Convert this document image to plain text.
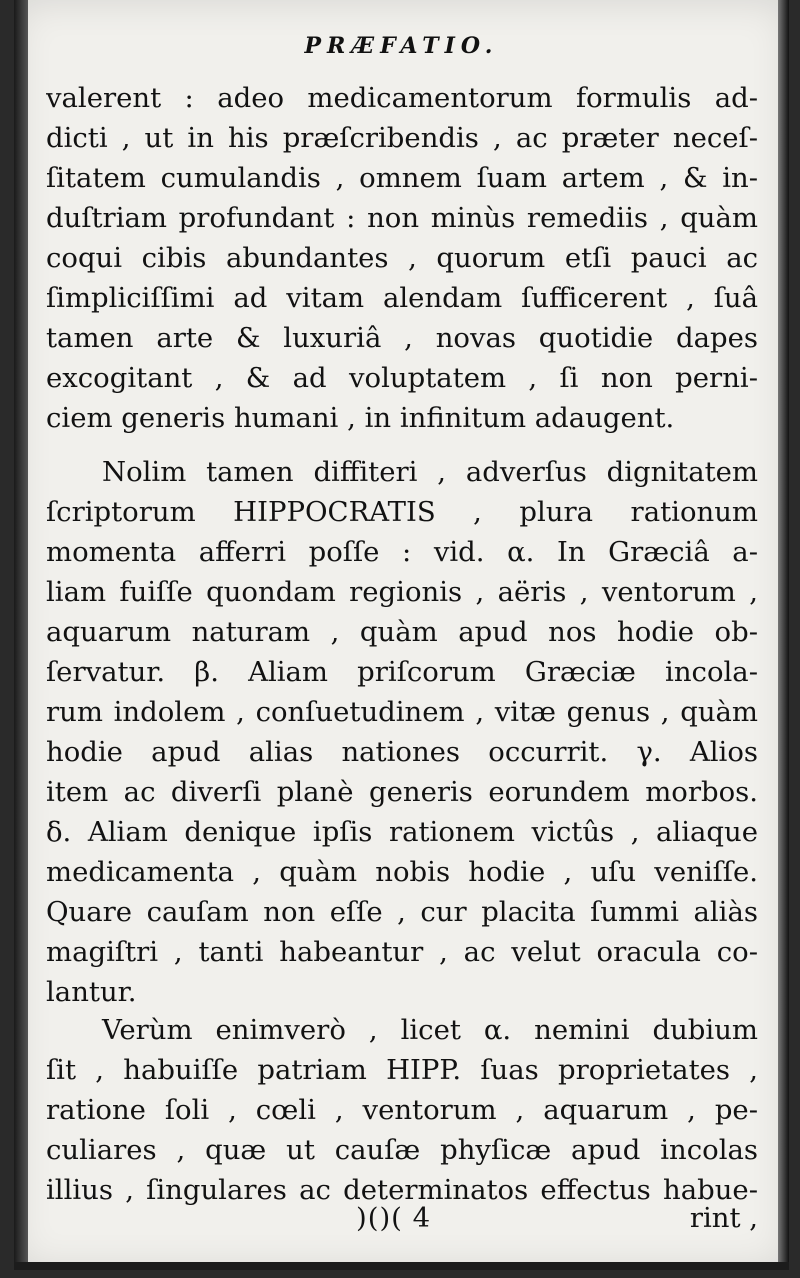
PRÆFATIO.
valerent : adeo medicamentorum formulis ad-
dicti , ut in his præſcribendis , ac præter neceſ-
ſitatem cumulandis , omnem ſuam artem , & in-
duſtriam profundant : non minùs remediis , quàm
coqui cibis abundantes , quorum etſi pauci ac
ſimpliciſſimi ad vitam alendam ſufficerent , ſuâ
tamen arte & luxuriâ , novas quotidie dapes
excogitant , & ad voluptatem , ſi non perni-
ciem generis humani , in infinitum adaugent.
Nolim tamen diffiteri , adverſus dignitatem
ſcriptorum HIPPOCRATIS , plura rationum
momenta afferri poſſe : vid. α. In Græciâ a-
liam fuiſſe quondam regionis , aëris , ventorum ,
aquarum naturam , quàm apud nos hodie ob-
ſervatur. β. Aliam priſcorum Græciæ incola-
rum indolem , conſuetudinem , vitæ genus , quàm
hodie apud alias nationes occurrit. γ. Alios
item ac diverſi planè generis eorundem morbos.
δ. Aliam denique ipſis rationem victûs , aliaque
medicamenta , quàm nobis hodie , uſu veniſſe.
Quare cauſam non eſſe , cur placita ſummi aliàs
magiſtri , tanti habeantur , ac velut oracula co-
lantur.
Verùm enimverò , licet α. nemini dubium
ſit , habuiſſe patriam HIPP. ſuas proprietates ,
ratione ſoli , cœli , ventorum , aquarum , pe-
culiares , quæ ut cauſæ phyſicæ apud incolas
illius , ſingulares ac determinatos effectus habue-
)()( 4	rint ,
